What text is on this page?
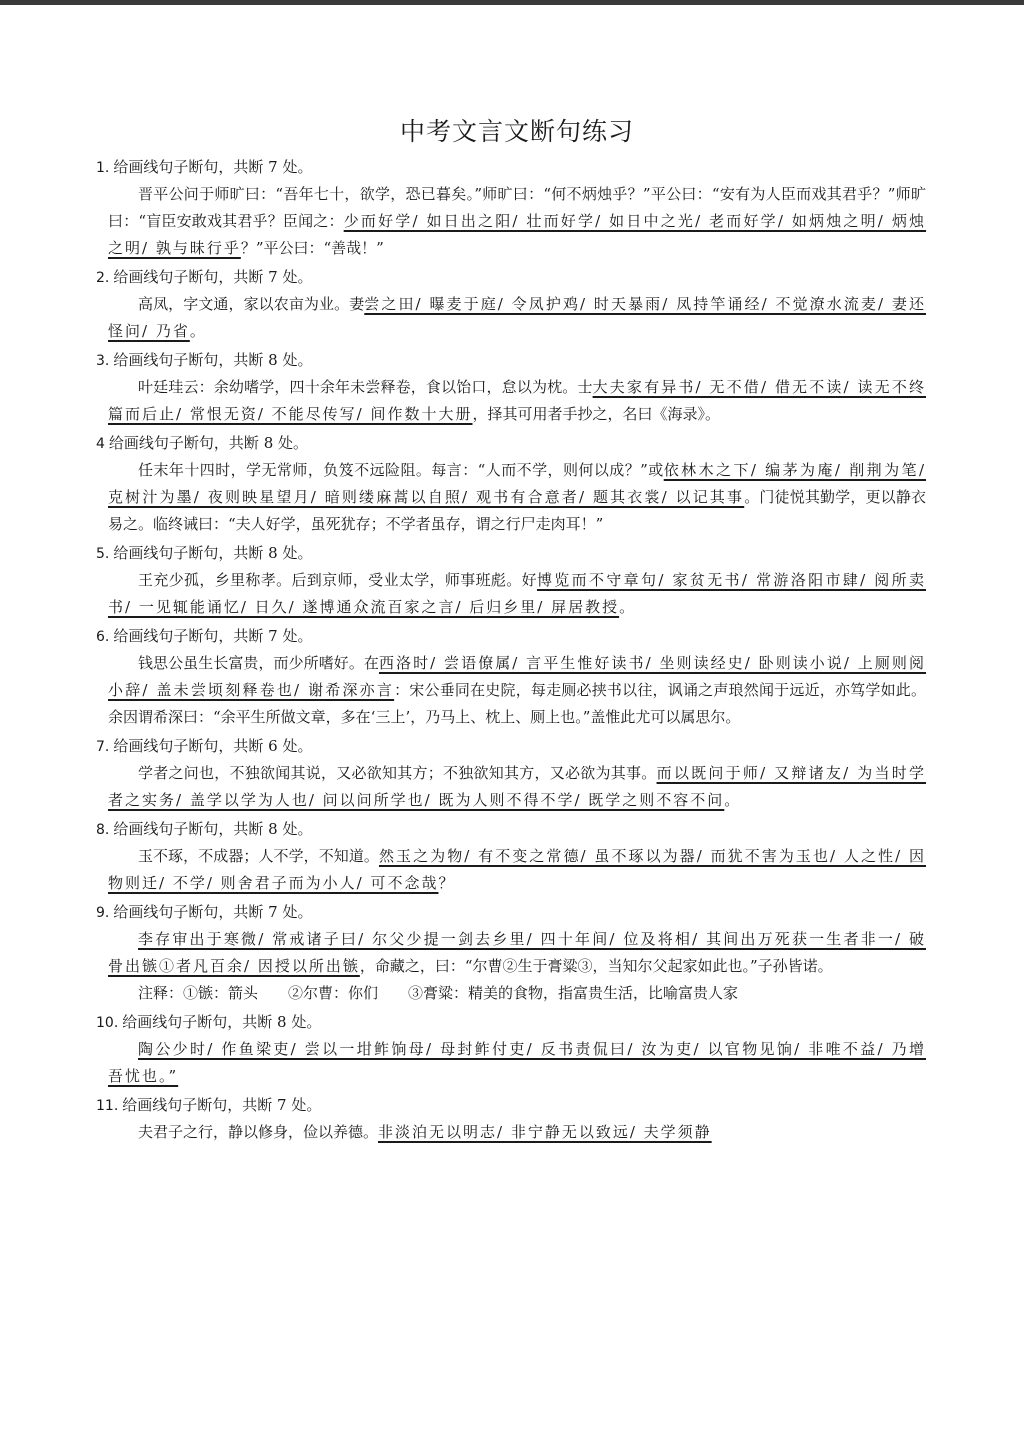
中考文言文断句练习
1. 给画线句子断句，共断 7 处。
晋平公问于师旷曰：“吾年七十，欲学，恐已暮矣。”师旷曰：“何不炳烛乎？”平公曰：“安有为人臣而戏其君乎？”师旷曰：“盲臣安敢戏其君乎？臣闻之：少而好学/ 如日出之阳/ 壮而好学/ 如日中之光/ 老而好学/ 如炳烛之明/ 炳烛之明/ 孰与昧行乎？”平公曰：“善哉！”
2. 给画线句子断句，共断 7 处。
高凤，字文通，家以农亩为业。妻尝之田/ 曝麦于庭/ 令凤护鸡/ 时天暴雨/ 凤持竿诵经/ 不觉潦水流麦/ 妻还怪问/ 乃省。
3. 给画线句子断句，共断 8 处。
叶廷珪云：余幼嗜学，四十余年未尝释卷，食以饴口，怠以为枕。士大夫家有异书/ 无不借/ 借无不读/ 读无不终篇而后止/ 常恨无资/ 不能尽传写/ 间作数十大册，择其可用者手抄之，名曰《海录》。
4 给画线句子断句，共断 8 处。
任末年十四时，学无常师，负笈不远险阻。每言：“人而不学，则何以成？”或依林木之下/ 编茅为庵/ 削荆为笔/ 克树汁为墨/ 夜则映星望月/ 暗则缕麻蒿以自照/ 观书有合意者/ 题其衣裳/ 以记其事。门徒悦其勤学，更以静衣易之。临终诫曰：“夫人好学，虽死犹存；不学者虽存，谓之行尸走肉耳！”
5. 给画线句子断句，共断 8 处。
王充少孤，乡里称孝。后到京师，受业太学，师事班彪。好博览而不守章句/ 家贫无书/ 常游洛阳市肆/ 阅所卖书/ 一见辄能诵忆/ 日久/ 遂博通众流百家之言/ 后归乡里/ 屏居教授。
6. 给画线句子断句，共断 7 处。
钱思公虽生长富贵，而少所嗜好。在西洛时/ 尝语僚属/ 言平生惟好读书/ 坐则读经史/ 卧则读小说/ 上厕则阅小辞/ 盖未尝顷刻释卷也/ 谢希深亦言：宋公垂同在史院，每走厕必挟书以往，讽诵之声琅然闻于远近，亦笃学如此。余因谓希深曰：“余平生所做文章，多在‘三上’，乃马上、枕上、厕上也。”盖惟此尤可以属思尔。
7. 给画线句子断句，共断 6 处。
学者之问也，不独欲闻其说，又必欲知其方；不独欲知其方，又必欲为其事。而以既问于师/ 又辩诸友/ 为当时学者之实务/ 盖学以学为人也/ 问以问所学也/ 既为人则不得不学/ 既学之则不容不问。
8. 给画线句子断句，共断 8 处。
玉不琢，不成器；人不学，不知道。然玉之为物/ 有不变之常德/ 虽不琢以为器/ 而犹不害为玉也/ 人之性/ 因物则迁/ 不学/ 则舍君子而为小人/ 可不念哉？
9. 给画线句子断句，共断 7 处。
李存审出于寒微/ 常戒诸子曰/ 尔父少提一剑去乡里/ 四十年间/ 位及将相/ 其间出万死获一生者非一/ 破骨出镞①者凡百余/ 因授以所出镞，命藏之，曰：“尔曹②生于膏粱③，当知尔父起家如此也。”子孙皆诺。
注释：①镞：箭头　　②尔曹：你们　　③膏粱：精美的食物，指富贵生活，比喻富贵人家
10. 给画线句子断句，共断 8 处。
陶公少时/ 作鱼梁吏/ 尝以一坩鲊饷母/ 母封鲊付吏/ 反书责侃曰/ 汝为吏/ 以官物见饷/ 非唯不益/ 乃增吾忧也。”
11. 给画线句子断句，共断 7 处。
夫君子之行，静以修身，俭以养德。非淡泊无以明志/ 非宁静无以致远/ 夫学须静
